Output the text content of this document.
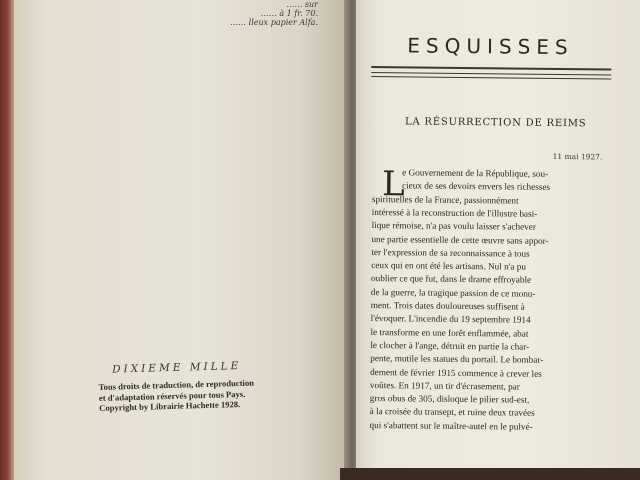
…… sur
…… à 1 fr. 70.
…… lleux papier Alfa.
DIXIEME MILLE
Tous droits de traduction, de reproduction
et d'adaptation réservés pour tous Pays.
Copyright by Librairie Hachette 1928.
ESQUISSES
LA RÉSURRECTION DE REIMS
11 mai 1927.
L
e Gouvernement de la République, sou-
cieux de ses devoirs envers les richesses
spirituelles de la France, passionnément
intéressé à la reconstruction de l'illustre basi-
lique rémoise, n'a pas voulu laisser s'achever
une partie essentielle de cette œuvre sans appor-
ter l'expression de sa reconnaissance à tous
ceux qui en ont été les artisans. Nul n'a pu
oublier ce que fut, dans le drame effroyable
de la guerre, la tragique passion de ce monu-
ment. Trois dates douloureuses suffisent à
l'évoquer. L'incendie du 19 septembre 1914
le transforme en une forêt enflammée, abat
le clocher à l'ange, détruit en partie la char-
pente, mutile les statues du portail. Le bombar-
dement de février 1915 commence à crever les
voûtes. En 1917, un tir d'écrasement, par
gros obus de 305, disloque le pilier sud-est,
à la croisée du transept, et ruine deux travées
qui s'abattent sur le maître-autel en le pulvé-
